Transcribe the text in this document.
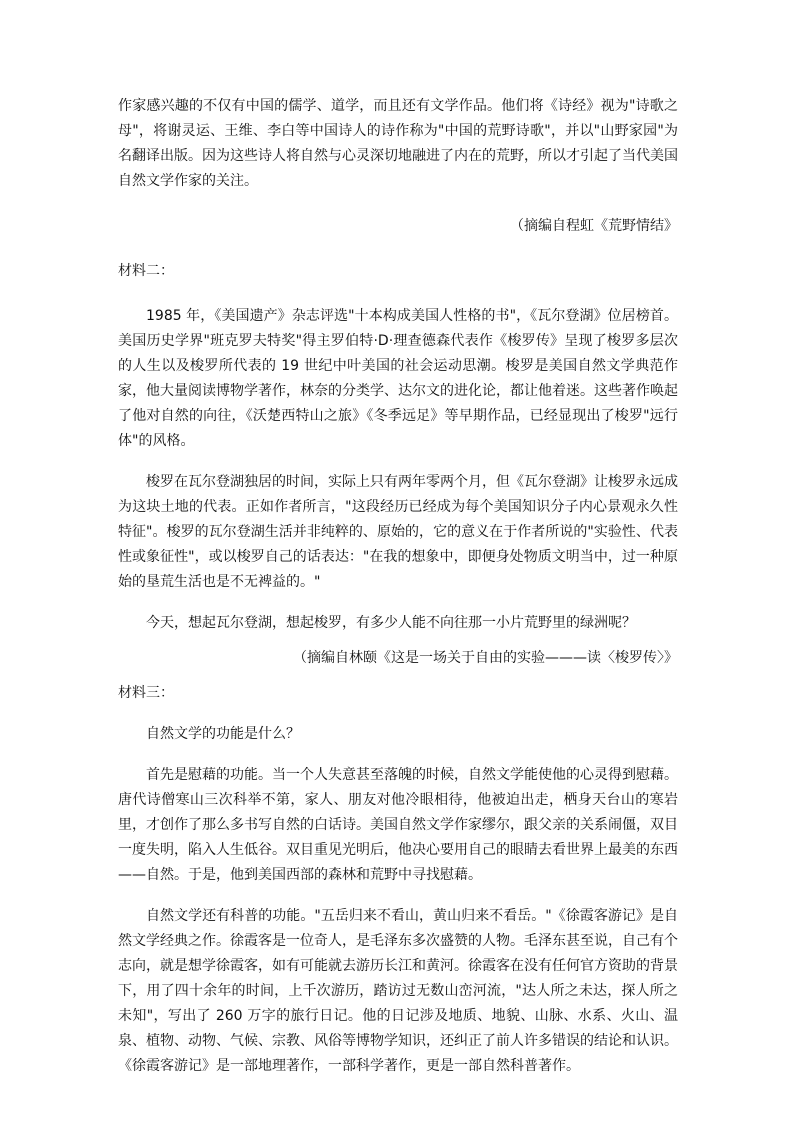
作家感兴趣的不仅有中国的儒学、道学，而且还有文学作品。他们将《诗经》视为"诗歌之母"，将谢灵运、王维、李白等中国诗人的诗作称为"中国的荒野诗歌"，并以"山野家园"为名翻译出版。因为这些诗人将自然与心灵深切地融进了内在的荒野，所以才引起了当代美国自然文学作家的关注。

（摘编自程虹《荒野情结》

材料二：

1985 年，《美国遗产》杂志评选"十本构成美国人性格的书"，《瓦尔登湖》位居榜首。美国历史学界"班克罗夫特奖"得主罗伯特·D·理查德森代表作《梭罗传》呈现了梭罗多层次的人生以及梭罗所代表的 19 世纪中叶美国的社会运动思潮。梭罗是美国自然文学典范作家，他大量阅读博物学著作，林奈的分类学、达尔文的进化论，都让他着迷。这些著作唤起了他对自然的向往，《沃楚西特山之旅》《冬季远足》等早期作品，已经显现出了梭罗"远行体"的风格。

梭罗在瓦尔登湖独居的时间，实际上只有两年零两个月，但《瓦尔登湖》让梭罗永远成为这块土地的代表。正如作者所言，"这段经历已经成为每个美国知识分子内心景观永久性特征"。梭罗的瓦尔登湖生活并非纯粹的、原始的，它的意义在于作者所说的"实验性、代表性或象征性"，或以梭罗自己的话表达："在我的想象中，即便身处物质文明当中，过一种原始的垦荒生活也是不无裨益的。"

今天，想起瓦尔登湖，想起梭罗，有多少人能不向往那一小片荒野里的绿洲呢？

（摘编自林颐《这是一场关于自由的实验———读〈梭罗传〉》

材料三：

自然文学的功能是什么？

首先是慰藉的功能。当一个人失意甚至落魄的时候，自然文学能使他的心灵得到慰藉。唐代诗僧寒山三次科举不第，家人、朋友对他冷眼相待，他被迫出走，栖身天台山的寒岩里，才创作了那么多书写自然的白话诗。美国自然文学作家缪尔，跟父亲的关系闹僵，双目一度失明，陷入人生低谷。双目重见光明后，他决心要用自己的眼睛去看世界上最美的东西——自然。于是，他到美国西部的森林和荒野中寻找慰藉。

自然文学还有科普的功能。"五岳归来不看山，黄山归来不看岳。"《徐霞客游记》是自然文学经典之作。徐霞客是一位奇人，是毛泽东多次盛赞的人物。毛泽东甚至说，自己有个志向，就是想学徐霞客，如有可能就去游历长江和黄河。徐霞客在没有任何官方资助的背景下，用了四十余年的时间，上千次游历，踏访过无数山峦河流，"达人所之未达，探人所之未知"，写出了 260 万字的旅行日记。他的日记涉及地质、地貌、山脉、水系、火山、温泉、植物、动物、气候、宗教、风俗等博物学知识，还纠正了前人许多错误的结论和认识。《徐霞客游记》是一部地理著作，一部科学著作，更是一部自然科普著作。
